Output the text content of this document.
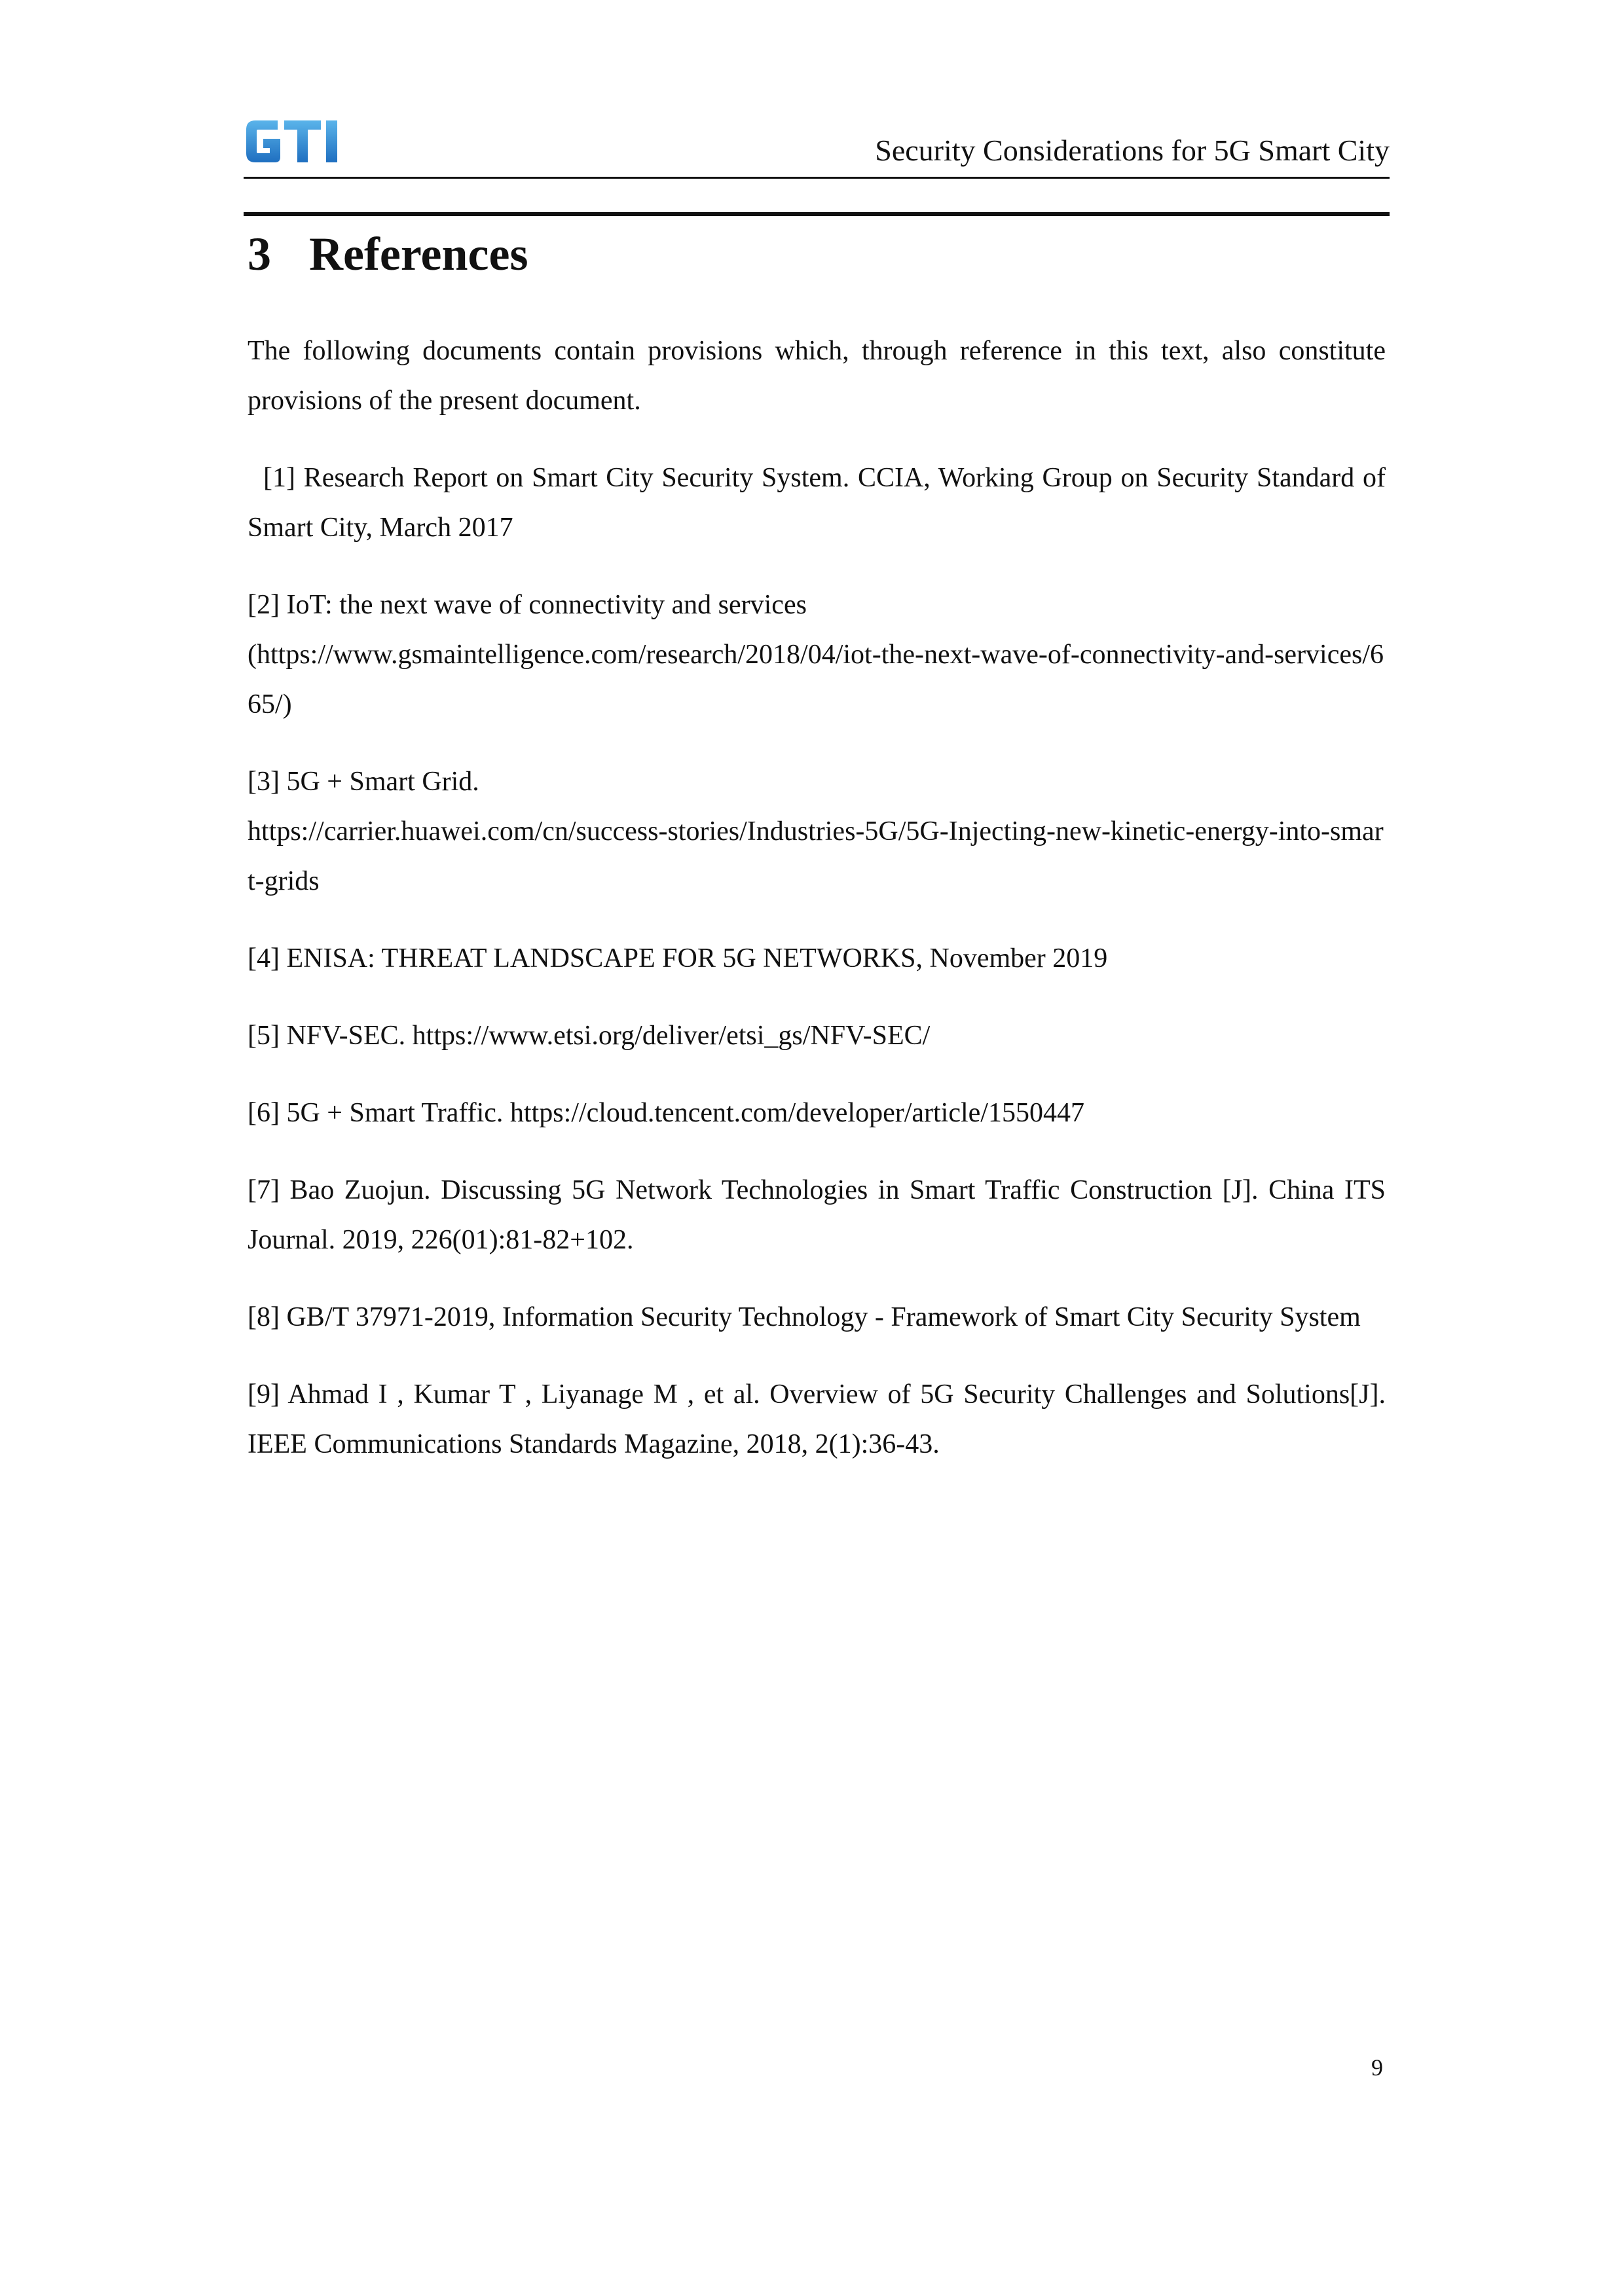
Security Considerations for 5G Smart City
3 References

The following documents contain provisions which, through reference in this text, also constitute provisions of the present document.

[1] Research Report on Smart City Security System. CCIA, Working Group on Security Standard of Smart City, March 2017

[2] IoT: the next wave of connectivity and services
(https://www.gsmaintelligence.com/research/2018/04/iot-the-next-wave-of-connectivity-and-services/665/)
[3] 5G + Smart Grid.
https://carrier.huawei.com/cn/success-stories/Industries-5G/5G-Injecting-new-kinetic-energy-into-smart-grids

[4] ENISA: THREAT LANDSCAPE FOR 5G NETWORKS, November 2019

[5] NFV-SEC. https://www.etsi.org/deliver/etsi_gs/NFV-SEC/

[6] 5G + Smart Traffic. https://cloud.tencent.com/developer/article/1550447

[7] Bao Zuojun. Discussing 5G Network Technologies in Smart Traffic Construction [J]. China ITS Journal. 2019, 226(01):81-82+102.

[8] GB/T 37971-2019, Information Security Technology - Framework of Smart City Security System

[9] Ahmad I , Kumar T , Liyanage M , et al. Overview of 5G Security Challenges and Solutions[J]. IEEE Communications Standards Magazine, 2018, 2(1):36-43.

9
